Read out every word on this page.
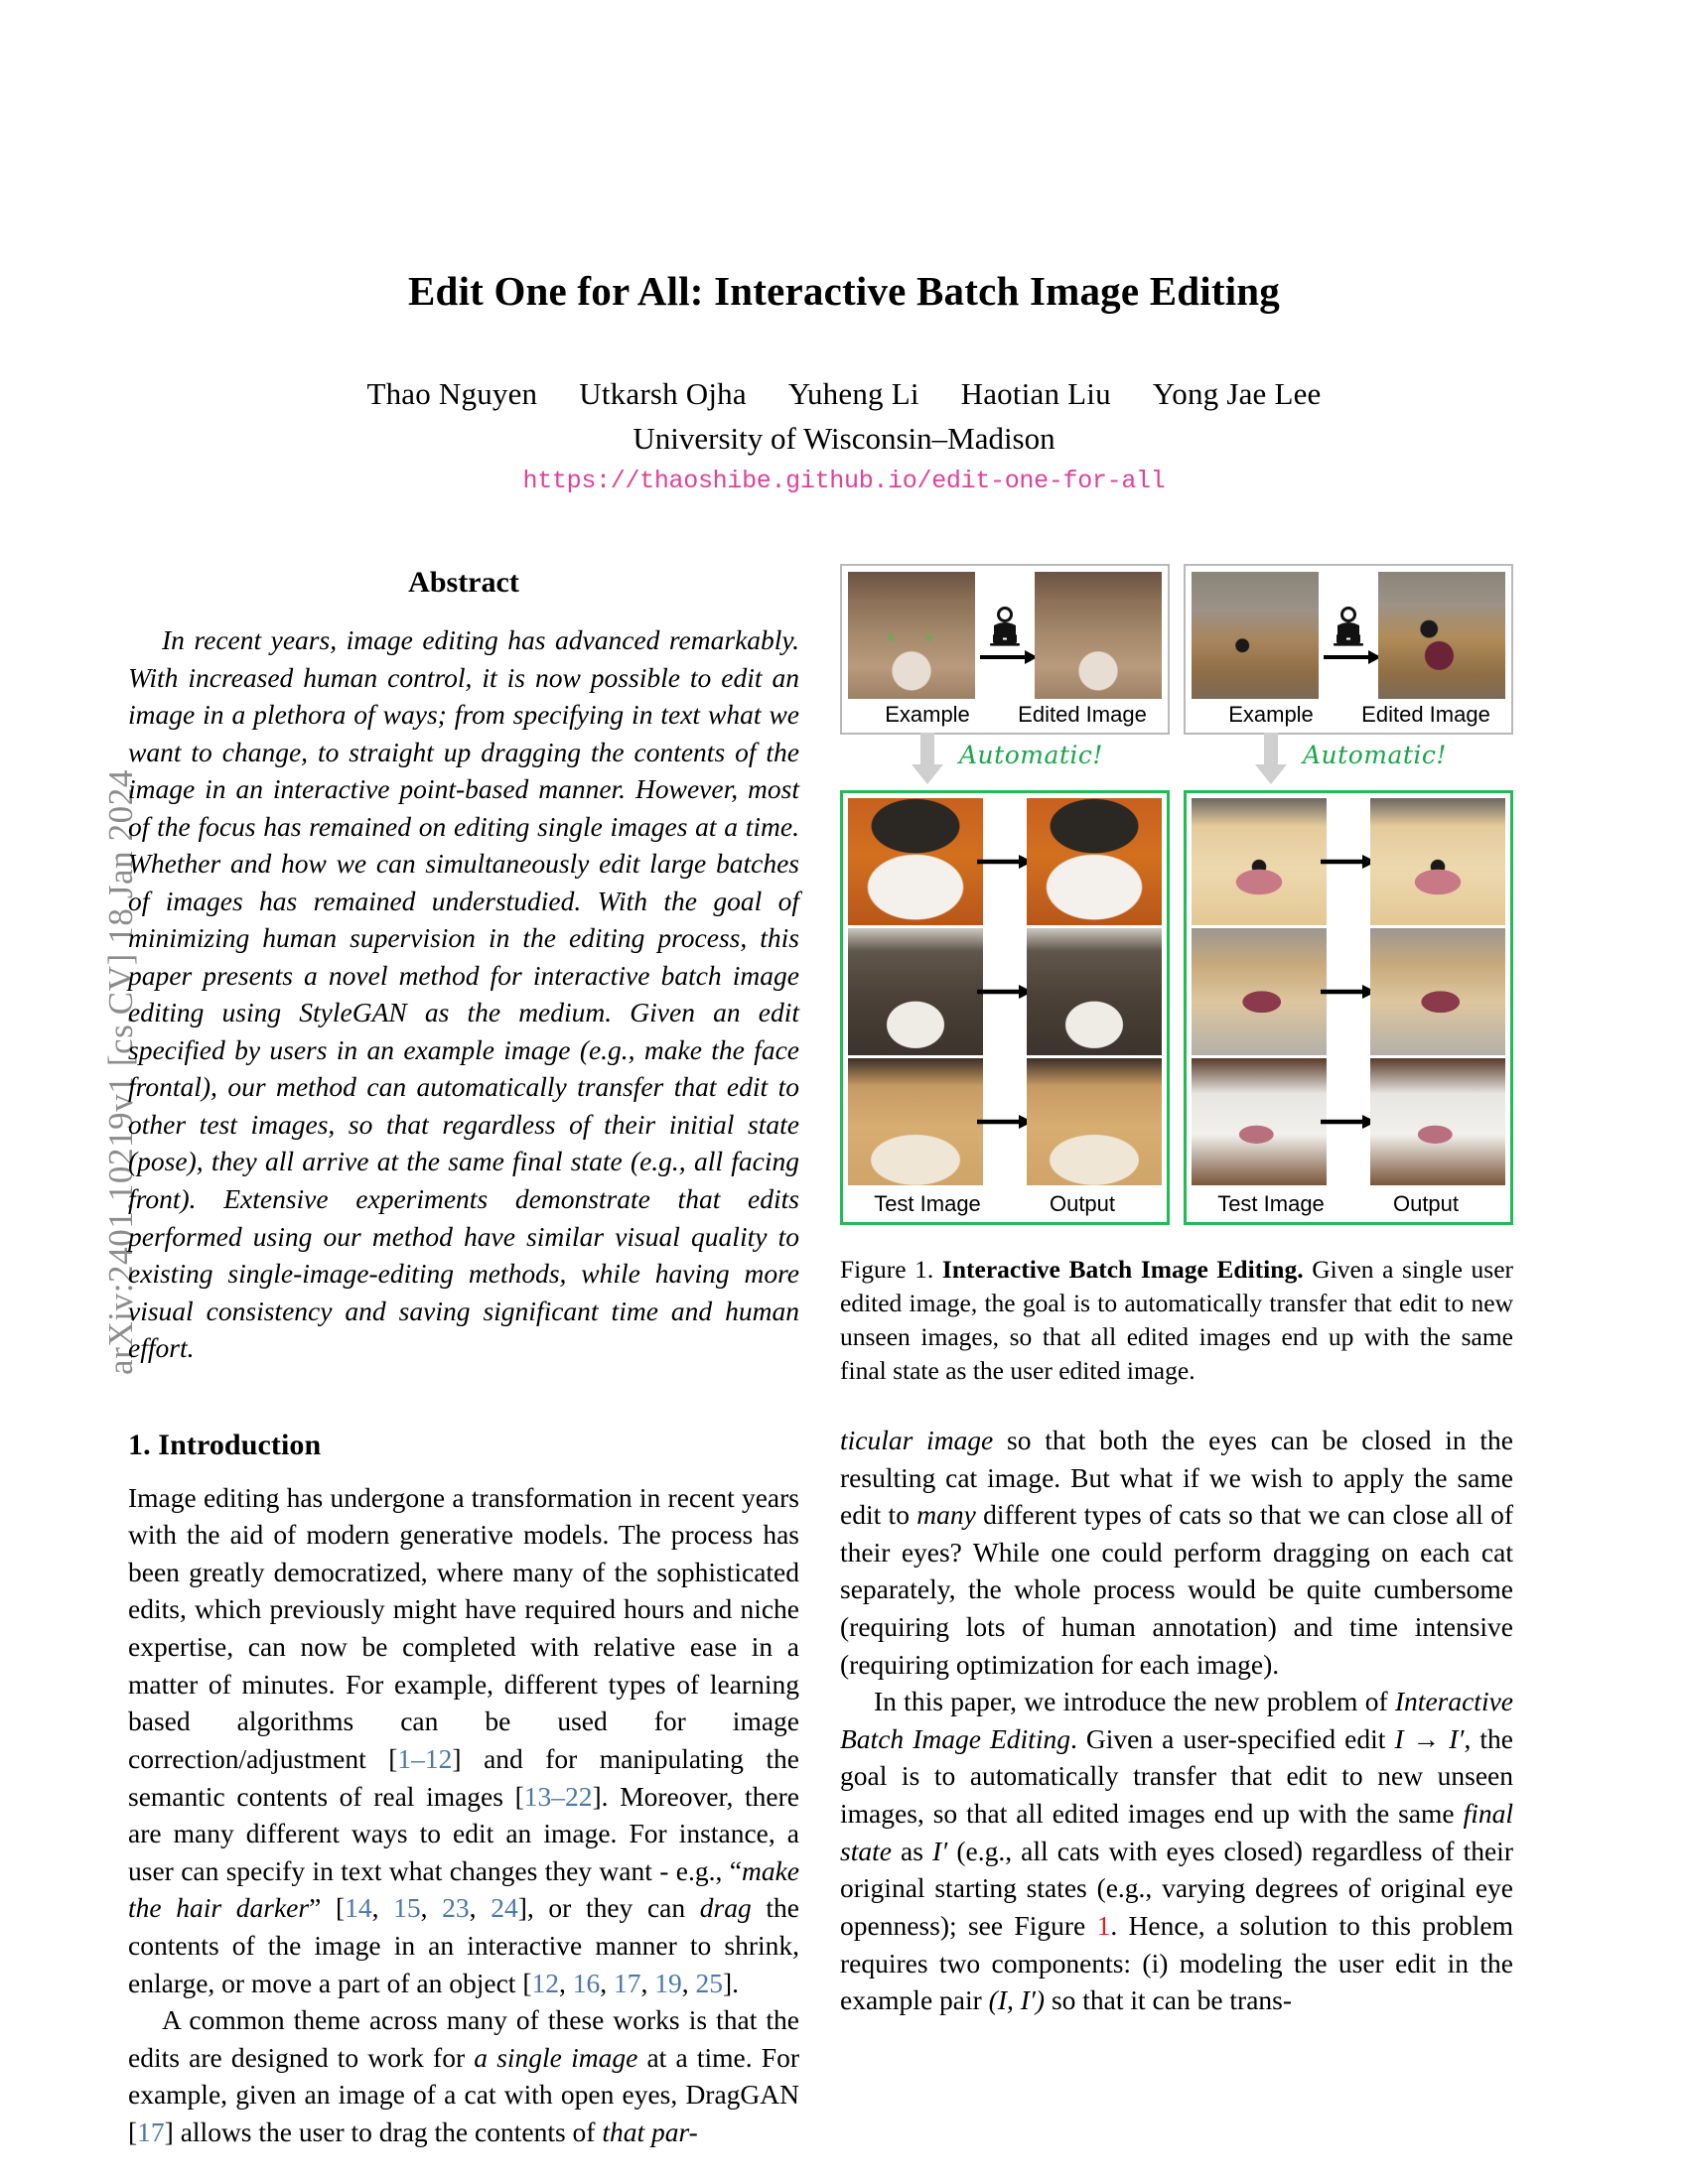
arXiv:2401.10219v1 [cs.CV] 18 Jan 2024
Edit One for All: Interactive Batch Image Editing
Thao Nguyen Utkarsh Ojha Yuheng Li Haotian Liu Yong Jae Lee
University of Wisconsin–Madison
https://thaoshibe.github.io/edit-one-for-all
Abstract

In recent years, image editing has advanced remarkably. With increased human control, it is now possible to edit an image in a plethora of ways; from specifying in text what we want to change, to straight up dragging the contents of the image in an interactive point-based manner. However, most of the focus has remained on editing single images at a time. Whether and how we can simultaneously edit large batches of images has remained understudied. With the goal of minimizing human supervision in the editing process, this paper presents a novel method for interactive batch image editing using StyleGAN as the medium. Given an edit specified by users in an example image (e.g., make the face frontal), our method can automatically transfer that edit to other test images, so that regardless of their initial state (pose), they all arrive at the same final state (e.g., all facing front). Extensive experiments demonstrate that edits performed using our method have similar visual quality to existing single-image-editing methods, while having more visual consistency and saving significant time and human effort.

1. Introduction

Image editing has undergone a transformation in recent years with the aid of modern generative models. The process has been greatly democratized, where many of the sophisticated edits, which previously might have required hours and niche expertise, can now be completed with relative ease in a matter of minutes. For example, different types of learning based algorithms can be used for image correction/adjustment [1–12] and for manipulating the semantic contents of real images [13–22]. Moreover, there are many different ways to edit an image. For instance, a user can specify in text what changes they want - e.g., “make the hair darker” [14, 15, 23, 24], or they can drag the contents of the image in an interactive manner to shrink, enlarge, or move a part of an object [12, 16, 17, 19, 25].

A common theme across many of these works is that the edits are designed to work for a single image at a time. For example, given an image of a cat with open eyes, DragGAN [17] allows the user to drag the contents of that par-

Example	Edited Image	Example	Edited Image
Automatic!	Automatic!
Test Image	Output	Test Image	Output
Figure 1. Interactive Batch Image Editing. Given a single user edited image, the goal is to automatically transfer that edit to new unseen images, so that all edited images end up with the same final state as the user edited image.

ticular image so that both the eyes can be closed in the resulting cat image. But what if we wish to apply the same edit to many different types of cats so that we can close all of their eyes? While one could perform dragging on each cat separately, the whole process would be quite cumbersome (requiring lots of human annotation) and time intensive (requiring optimization for each image).

In this paper, we introduce the new problem of Interactive Batch Image Editing. Given a user-specified edit I → I′, the goal is to automatically transfer that edit to new unseen images, so that all edited images end up with the same final state as I′ (e.g., all cats with eyes closed) regardless of their original starting states (e.g., varying degrees of original eye openness); see Figure 1. Hence, a solution to this problem requires two components: (i) modeling the user edit in the example pair (I, I′) so that it can be trans-
